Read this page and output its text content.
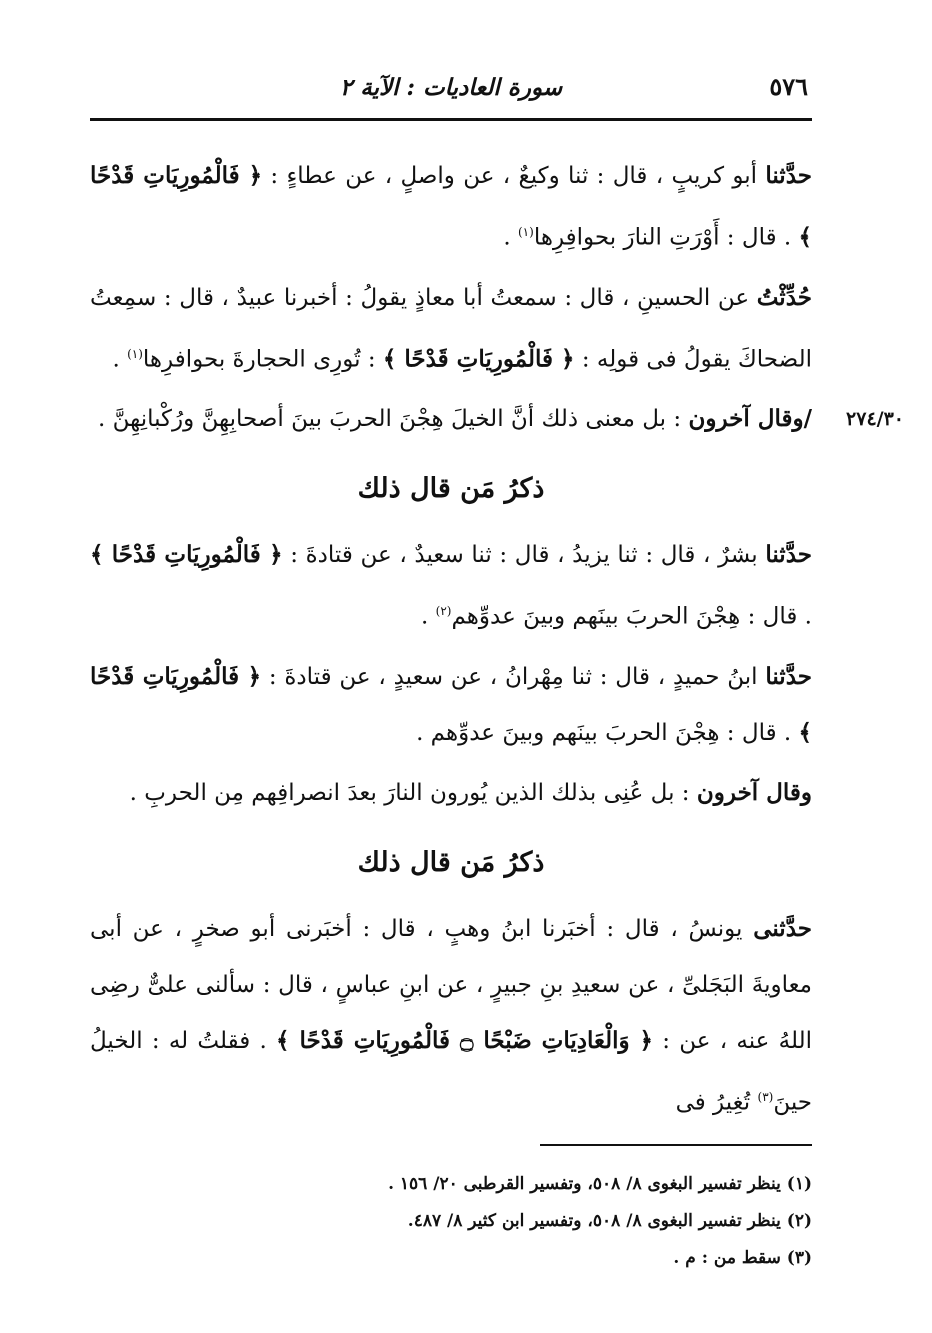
٥٧٦
سورة العاديات : الآية ٢

حدَّثنا أبو كريبٍ ، قال : ثنا وكيعٌ ، عن واصلٍ ، عن عطاءٍ : ﴿ فَالْمُورِيَاتِ قَدْحًا ﴾ . قال : أَوْرَتِ النارَ بحوافِرِها$^{(١)}$ .

حُدِّثْتُ عن الحسينِ ، قال : سمعتُ أبا معاذٍ يقولُ : أخبرنا عبيدٌ ، قال : سمِعتُ الضحاكَ يقولُ فى قولِه : ﴿ فَالْمُورِيَاتِ قَدْحًا ﴾ : تُورِى الحجارةَ بحوافرِها$^{(١)}$ .

٢٧٤/٣٠
/وقال آخرون : بل معنى ذلك أنَّ الخيلَ هِجْنَ الحربَ بينَ أصحابِهِنَّ ورُكْبانِهِنَّ .

ذكرُ مَن قال ذلك

حدَّثنا بشرٌ ، قال : ثنا يزيدُ ، قال : ثنا سعيدٌ ، عن قتادةَ : ﴿ فَالْمُورِيَاتِ قَدْحًا ﴾ . قال : هِجْنَ الحربَ بينَهم وبينَ عدوِّهم$^{(٢)}$ .

حدَّثنا ابنُ حميدٍ ، قال : ثنا مِهْرانُ ، عن سعيدٍ ، عن قتادةَ : ﴿ فَالْمُورِيَاتِ قَدْحًا ﴾ . قال : هِجْنَ الحربَ بينَهم وبينَ عدوِّهم .

وقال آخرون : بل عُنِى بذلك الذين يُورون النارَ بعدَ انصرافِهم مِن الحربِ .

ذكرُ مَن قال ذلك

حدَّثنى يونسُ ، قال : أخبَرنا ابنُ وهبٍ ، قال : أخبَرنى أبو صخرٍ ، عن أبى معاويةَ البَجَلىِّ ، عن سعيدِ بنِ جبيرٍ ، عن ابنِ عباسٍ ، قال : سألنى علىٌّ رضِى اللهُ عنه ، عن : ﴿ وَالْعَادِيَاتِ ضَبْحًا ۝ فَالْمُورِيَاتِ قَدْحًا ﴾ . فقلتُ له : الخيلُ حينَ$^{(٣)}$ تُغِيرُ فى

(١) ينظر تفسير البغوى ٨/ ٥٠٨، وتفسير القرطبى ٢٠/ ١٥٦ .

(٢) ينظر تفسير البغوى ٨/ ٥٠٨، وتفسير ابن كثير ٨/ ٤٨٧.

(٣) سقط من : م .
